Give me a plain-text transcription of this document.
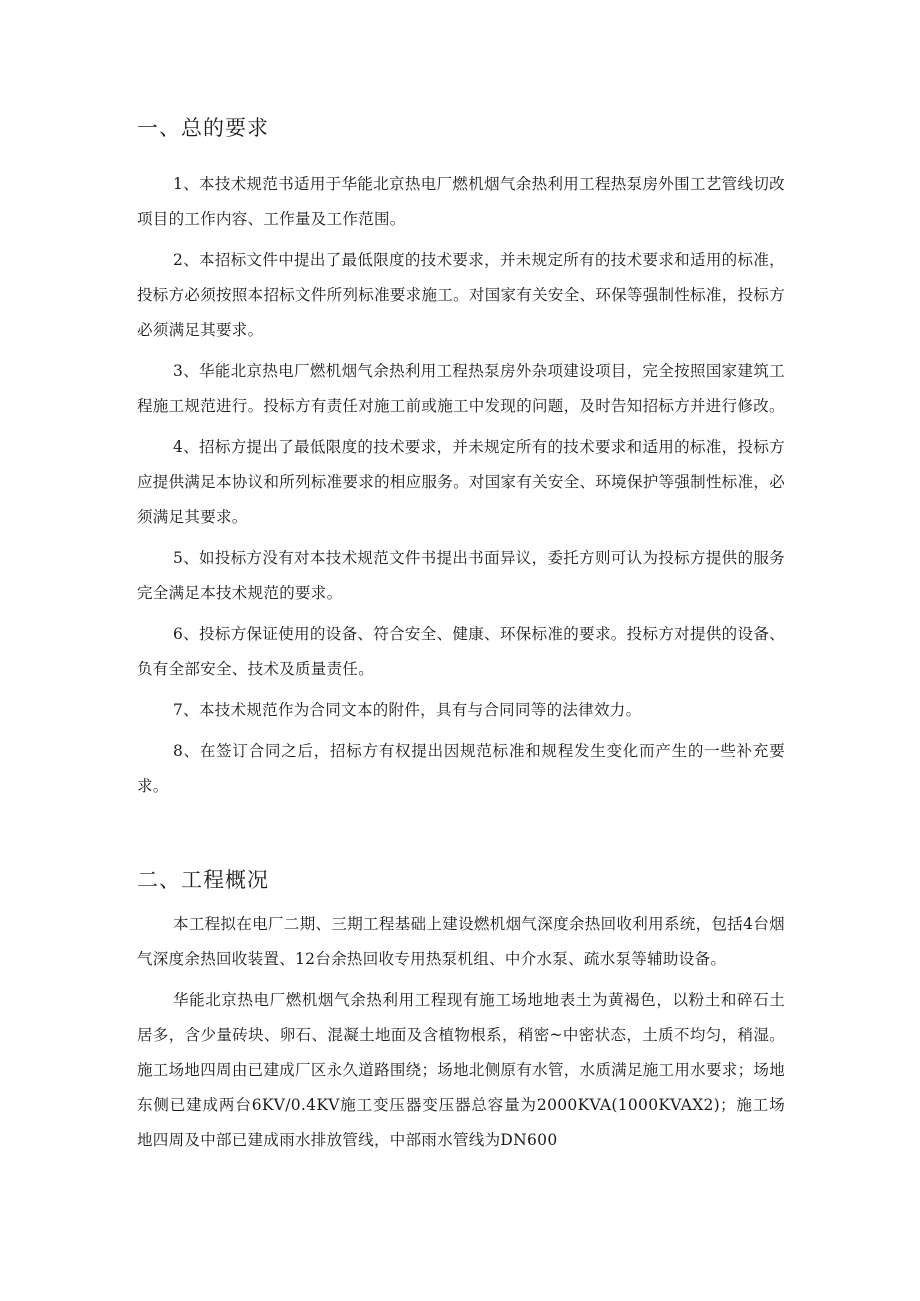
一、总的要求

1、本技术规范书适用于华能北京热电厂燃机烟气余热利用工程热泵房外围工艺管线切改项目的工作内容、工作量及工作范围。

2、本招标文件中提出了最低限度的技术要求，并未规定所有的技术要求和适用的标准，投标方必须按照本招标文件所列标准要求施工。对国家有关安全、环保等强制性标准，投标方必须满足其要求。

3、华能北京热电厂燃机烟气余热利用工程热泵房外杂项建设项目，完全按照国家建筑工程施工规范进行。投标方有责任对施工前或施工中发现的问题，及时告知招标方并进行修改。

4、招标方提出了最低限度的技术要求，并未规定所有的技术要求和适用的标准，投标方应提供满足本协议和所列标准要求的相应服务。对国家有关安全、环境保护等强制性标准，必须满足其要求。

5、如投标方没有对本技术规范文件书提出书面异议，委托方则可认为投标方提供的服务完全满足本技术规范的要求。

6、投标方保证使用的设备、符合安全、健康、环保标准的要求。投标方对提供的设备、负有全部安全、技术及质量责任。

7、本技术规范作为合同文本的附件，具有与合同同等的法律效力。

8、在签订合同之后，招标方有权提出因规范标准和规程发生变化而产生的一些补充要求。

二、工程概况

本工程拟在电厂二期、三期工程基础上建设燃机烟气深度余热回收利用系统，包括4台烟气深度余热回收装置、12台余热回收专用热泵机组、中介水泵、疏水泵等辅助设备。

华能北京热电厂燃机烟气余热利用工程现有施工场地地表土为黄褐色，以粉土和碎石土居多，含少量砖块、卵石、混凝土地面及含植物根系，稍密~中密状态，土质不均匀，稍湿。施工场地四周由已建成厂区永久道路围绕；场地北侧原有水管，水质满足施工用水要求；场地东侧已建成两台6KV/0.4KV施工变压器变压器总容量为2000KVA(1000KVAX2)；施工场地四周及中部已建成雨水排放管线，中部雨水管线为DN600
